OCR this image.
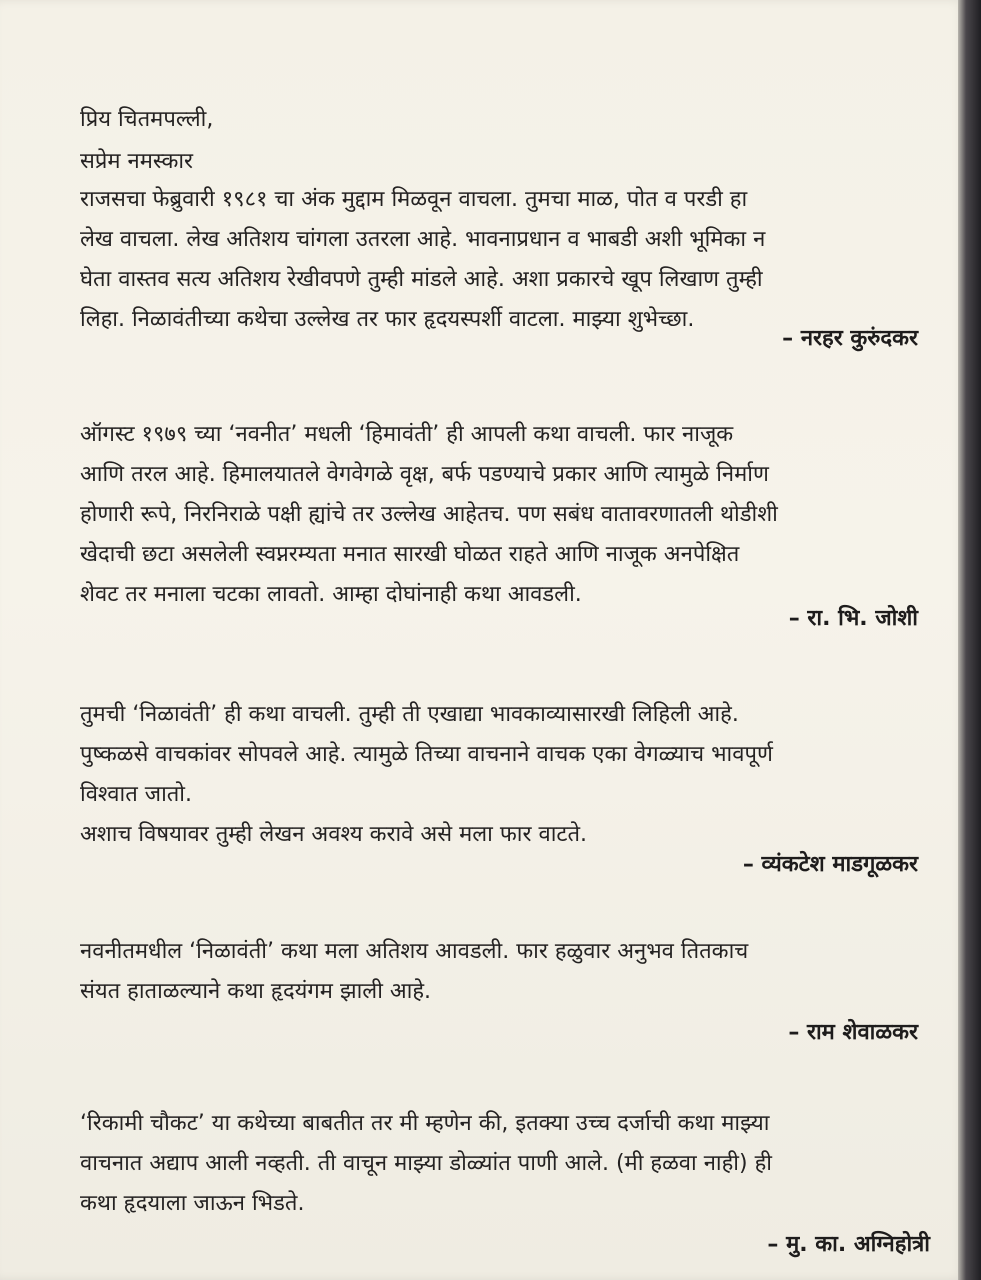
प्रिय चितमपल्ली,
सप्रेम नमस्कार
राजसचा फेब्रुवारी १९८१ चा अंक मुद्दाम मिळवून वाचला. तुमचा माळ, पोत व परडी हा
लेख वाचला. लेख अतिशय चांगला उतरला आहे. भावनाप्रधान व भाबडी अशी भूमिका न
घेता वास्तव सत्य अतिशय रेखीवपणे तुम्ही मांडले आहे. अशा प्रकारचे खूप लिखाण तुम्ही
लिहा. निळावंतीच्या कथेचा उल्लेख तर फार हृदयस्पर्शी वाटला. माझ्या शुभेच्छा.
– नरहर कुरुंदकर
ऑगस्ट १९७९ च्या ‘नवनीत’ मधली ‘हिमावंती’ ही आपली कथा वाचली. फार नाजूक
आणि तरल आहे. हिमालयातले वेगवेगळे वृक्ष, बर्फ पडण्याचे प्रकार आणि त्यामुळे निर्माण
होणारी रूपे, निरनिराळे पक्षी ह्यांचे तर उल्लेख आहेतच. पण सबंध वातावरणातली थोडीशी
खेदाची छटा असलेली स्वप्नरम्यता मनात सारखी घोळत राहते आणि नाजूक अनपेक्षित
शेवट तर मनाला चटका लावतो. आम्हा दोघांनाही कथा आवडली.
– रा. भि. जोशी
तुमची ‘निळावंती’ ही कथा वाचली. तुम्ही ती एखाद्या भावकाव्यासारखी लिहिली आहे.
पुष्कळसे वाचकांवर सोपवले आहे. त्यामुळे तिच्या वाचनाने वाचक एका वेगळ्याच भावपूर्ण
विश्वात जातो.
अशाच विषयावर तुम्ही लेखन अवश्य करावे असे मला फार वाटते.
– व्यंकटेश माडगूळकर
नवनीतमधील ‘निळावंती’ कथा मला अतिशय आवडली. फार हळुवार अनुभव तितकाच
संयत हाताळल्याने कथा हृदयंगम झाली आहे.
– राम शेवाळकर
‘रिकामी चौकट’ या कथेच्या बाबतीत तर मी म्हणेन की, इतक्या उच्च दर्जाची कथा माझ्या
वाचनात अद्याप आली नव्हती. ती वाचून माझ्या डोळ्यांत पाणी आले. (मी हळवा नाही) ही
कथा हृदयाला जाऊन भिडते.
– मु. का. अग्निहोत्री
